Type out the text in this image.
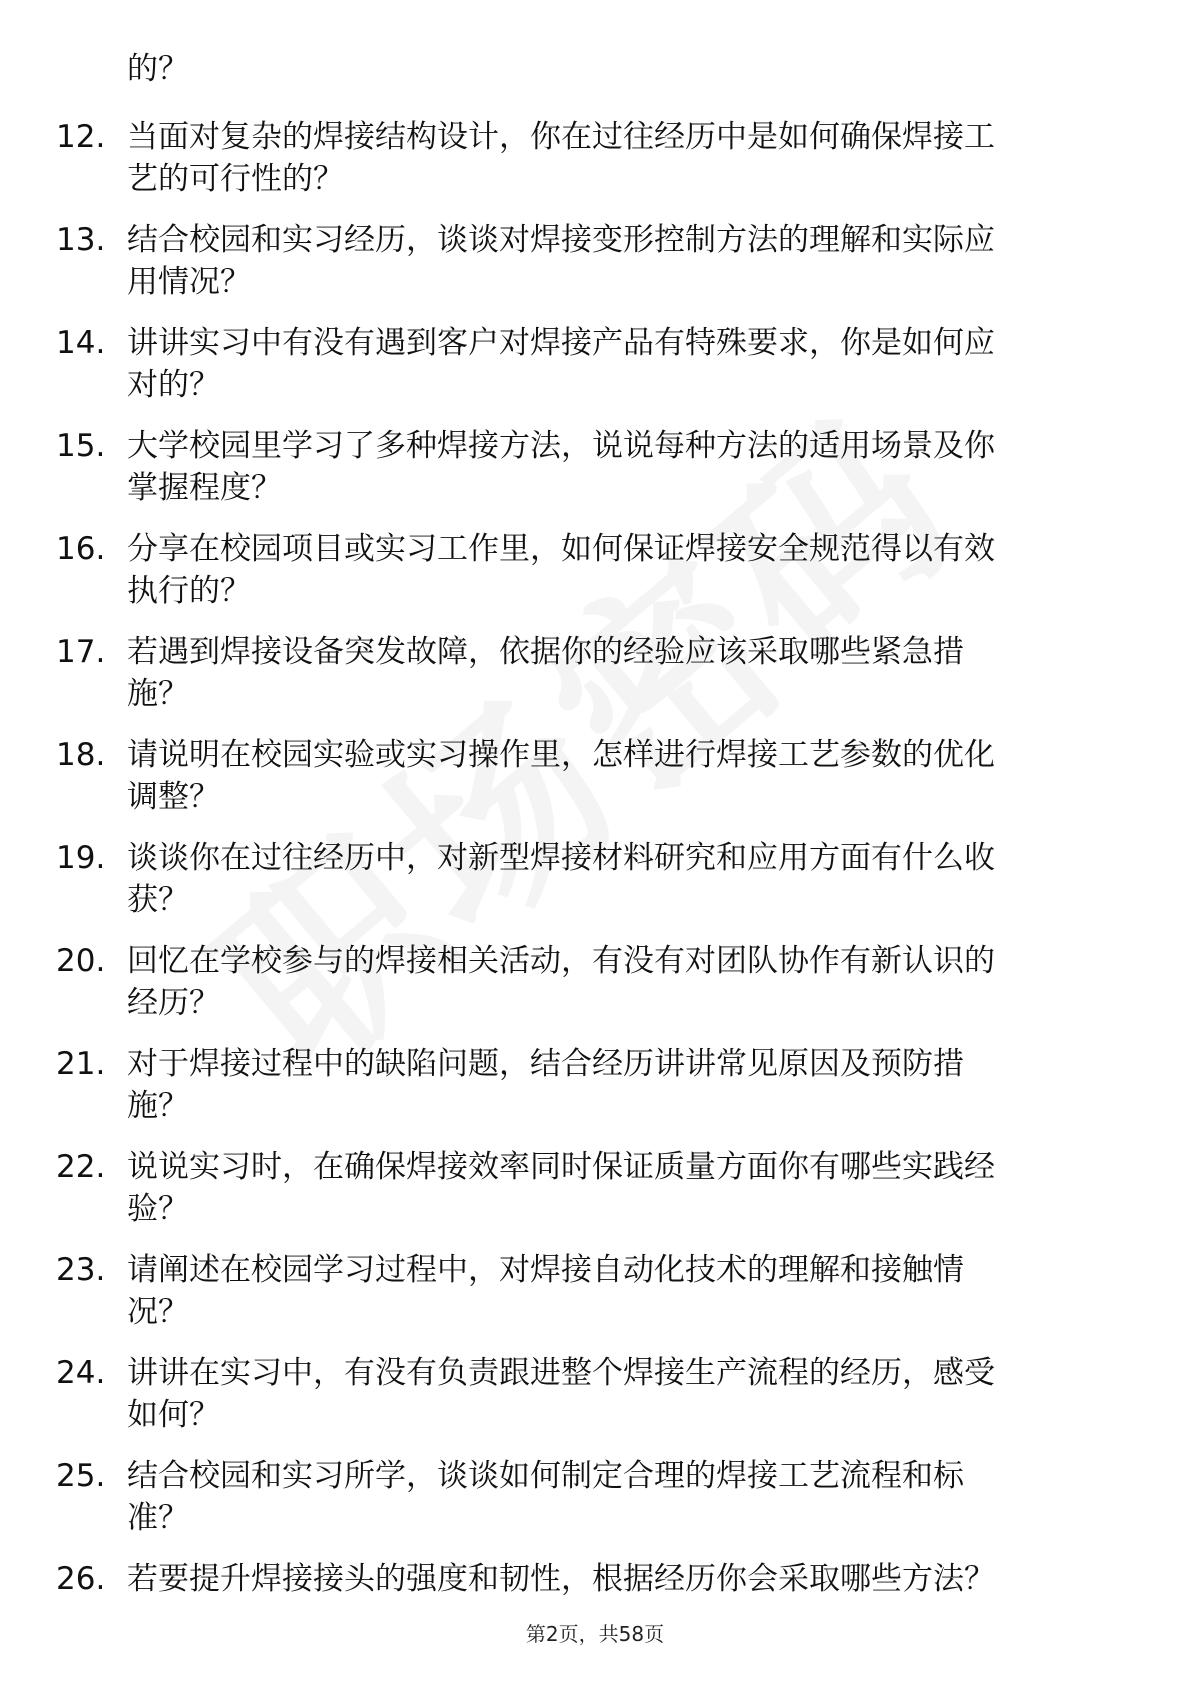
的？
12. 当面对复杂的焊接结构设计，你在过往经历中是如何确保焊接工
艺的可行性的？
13. 结合校园和实习经历，谈谈对焊接变形控制方法的理解和实际应
用情况？
14. 讲讲实习中有没有遇到客户对焊接产品有特殊要求，你是如何应
对的？
15. 大学校园里学习了多种焊接方法，说说每种方法的适用场景及你
掌握程度？
16. 分享在校园项目或实习工作里，如何保证焊接安全规范得以有效
执行的？
17. 若遇到焊接设备突发故障，依据你的经验应该采取哪些紧急措
施？
18. 请说明在校园实验或实习操作里，怎样进行焊接工艺参数的优化
调整？
19. 谈谈你在过往经历中，对新型焊接材料研究和应用方面有什么收
获？
20. 回忆在学校参与的焊接相关活动，有没有对团队协作有新认识的
经历？
21. 对于焊接过程中的缺陷问题，结合经历讲讲常见原因及预防措
施？
22. 说说实习时，在确保焊接效率同时保证质量方面你有哪些实践经
验？
23. 请阐述在校园学习过程中，对焊接自动化技术的理解和接触情
况？
24. 讲讲在实习中，有没有负责跟进整个焊接生产流程的经历，感受
如何？
25. 结合校园和实习所学，谈谈如何制定合理的焊接工艺流程和标
准？
26. 若要提升焊接接头的强度和韧性，根据经历你会采取哪些方法？
第2页，共58页
